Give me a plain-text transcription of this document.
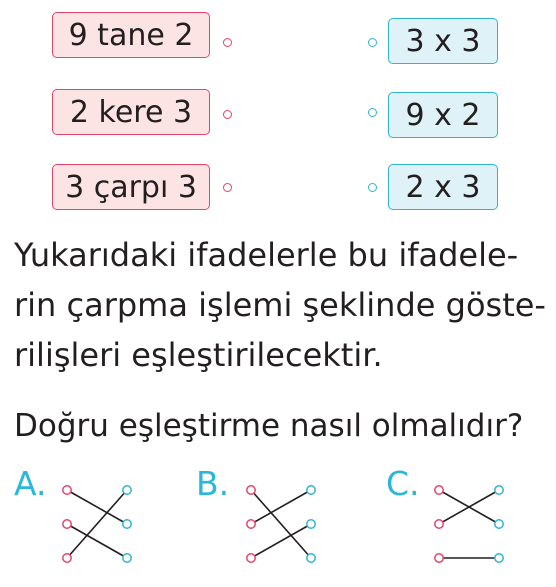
9 tane 2	3 x 3
2 kere 3	9 x 2
3 çarpı 3	2 x 3
Yukarıdaki ifadelerle bu ifadele-
rin çarpma işlemi şeklinde göste-
rilişleri eşleştirilecektir.
Doğru eşleştirme nasıl olmalıdır?
A.	B.	C.
